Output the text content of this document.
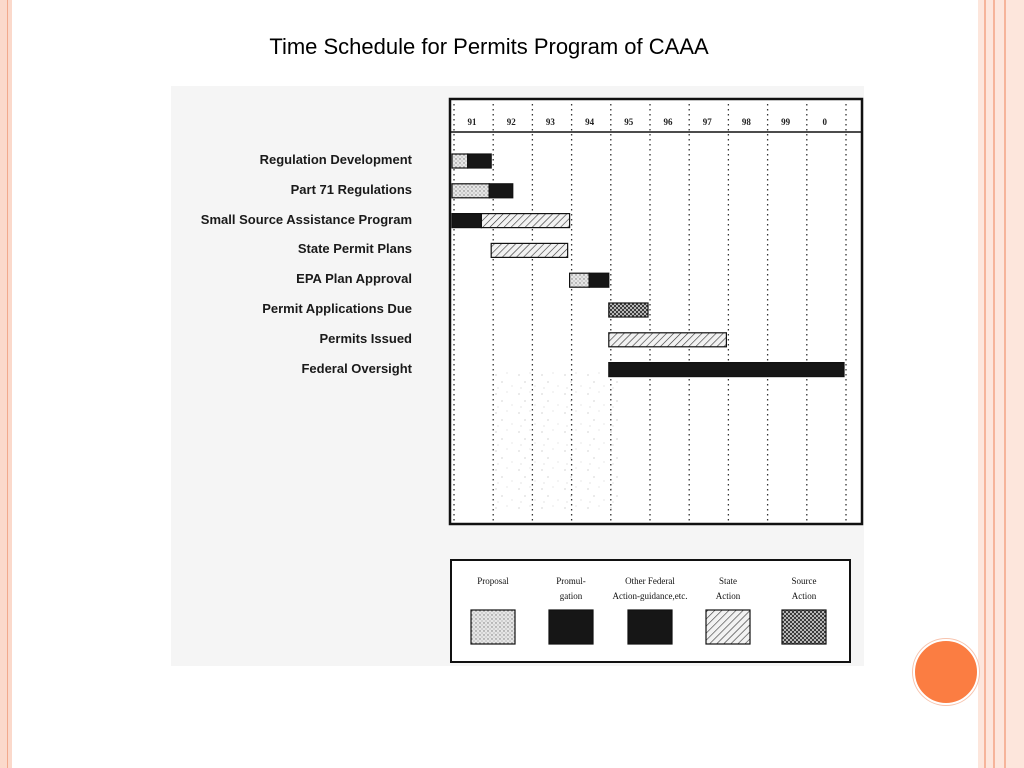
Time Schedule for Permits Program of CAAA
Regulation Development
Part 71 Regulations
Small Source Assistance Program
State Permit Plans
EPA Plan Approval
Permit Applications Due
Permits Issued
Federal Oversight
91	92	93	94	95	96	97	98	99	0
Proposal	Promul-
gation
Other Federal
Action-guidance,etc.
State
Action
Source
Action
